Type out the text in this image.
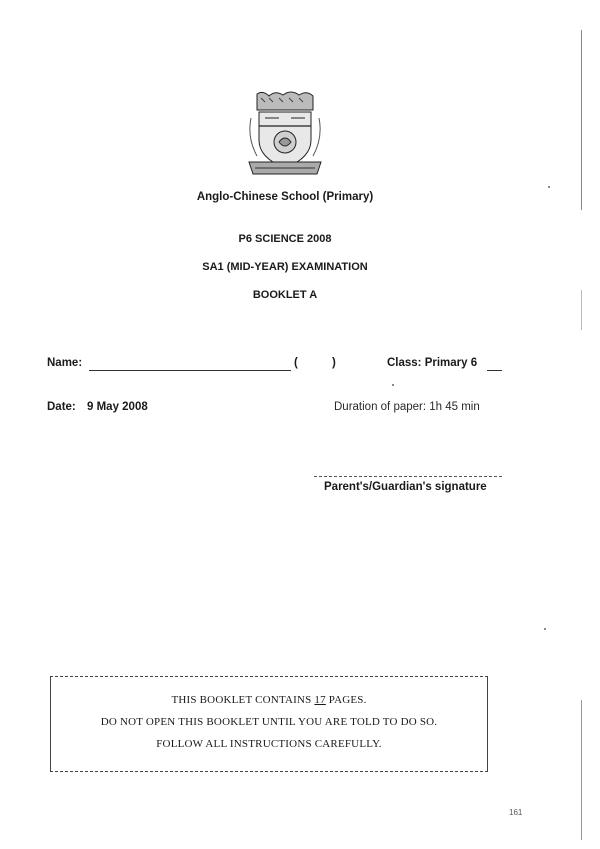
Anglo-Chinese School (Primary)
P6 SCIENCE 2008
SA1 (MID-YEAR) EXAMINATION
BOOKLET A
Name:	(	)	Class: Primary 6
Date: 9 May 2008	Duration of paper: 1h 45 min
Parent's/Guardian's signature
THIS BOOKLET CONTAINS 17 PAGES.
DO NOT OPEN THIS BOOKLET UNTIL YOU ARE TOLD TO DO SO.
FOLLOW ALL INSTRUCTIONS CAREFULLY.
161
